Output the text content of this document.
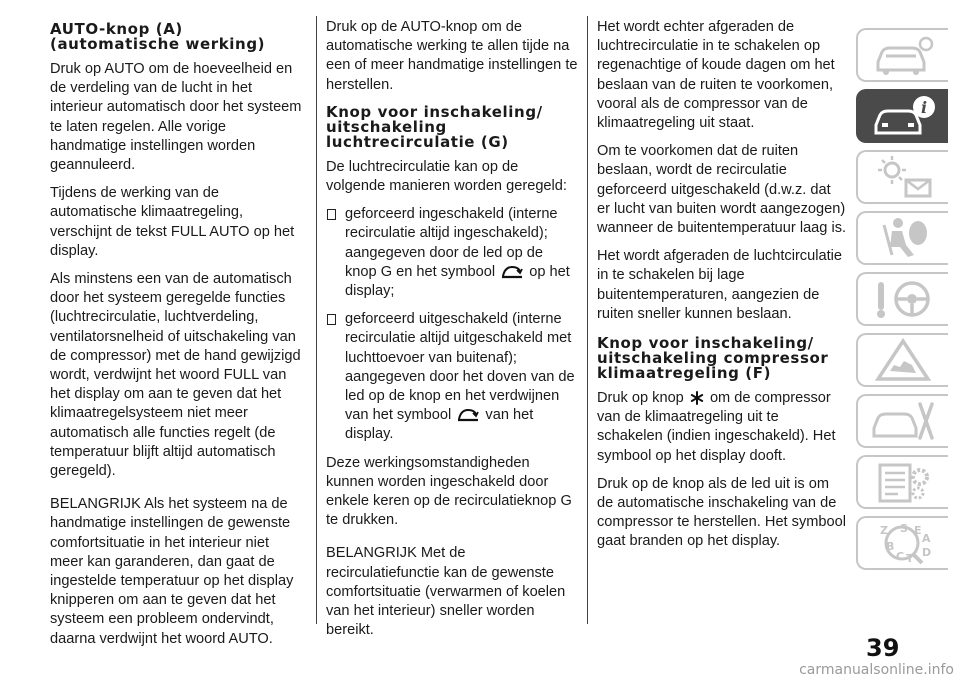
AUTO-knop (A) (automatische werking)

Druk op AUTO om de hoeveelheid en de verdeling van de lucht in het interieur automatisch door het systeem te laten regelen. Alle vorige handmatige instellingen worden geannuleerd.

Tijdens de werking van de automatische klimaatregeling, verschijnt de tekst FULL AUTO op het display.

Als minstens een van de automatisch door het systeem geregelde functies (luchtrecirculatie, luchtverdeling, ventilatorsnelheid of uitschakeling van de compressor) met de hand gewijzigd wordt, verdwijnt het woord FULL van het display om aan te geven dat het klimaatregelsysteem niet meer automatisch alle functies regelt (de temperatuur blijft altijd automatisch geregeld).

BELANGRIJK Als het systeem na de handmatige instellingen de gewenste comfortsituatie in het interieur niet meer kan garanderen, dan gaat de ingestelde temperatuur op het display knipperen om aan te geven dat het systeem een probleem ondervindt, daarna verdwijnt het woord AUTO.

Druk op de AUTO-knop om de automatische werking te allen tijde na een of meer handmatige instellingen te herstellen.

Knop voor inschakeling/ uitschakeling luchtrecirculatie (G)

De luchtrecirculatie kan op de volgende manieren worden geregeld:

geforceerd ingeschakeld (interne recirculatie altijd ingeschakeld); aangegeven door de led op de knop G en het symbool op het display;
geforceerd uitgeschakeld (interne recirculatie altijd uitgeschakeld met luchttoevoer van buitenaf); aangegeven door het doven van de led op de knop en het verdwijnen van het symbool van het display.

Deze werkingsomstandigheden kunnen worden ingeschakeld door enkele keren op de recirculatieknop G te drukken.

BELANGRIJK Met de recirculatiefunctie kan de gewenste comfortsituatie (verwarmen of koelen van het interieur) sneller worden bereikt.

Het wordt echter afgeraden de luchtrecirculatie in te schakelen op regenachtige of koude dagen om het beslaan van de ruiten te voorkomen, vooral als de compressor van de klimaatregeling uit staat.

Om te voorkomen dat de ruiten beslaan, wordt de recirculatie geforceerd uitgeschakeld (d.w.z. dat er lucht van buiten wordt aangezogen) wanneer de buitentemperatuur laag is.

Het wordt afgeraden de luchtcirculatie in te schakelen bij lage buitentemperaturen, aangezien de ruiten sneller kunnen beslaan.

Knop voor inschakeling/ uitschakeling compressor klimaatregeling (F)

Druk op knop om de compressor van de klimaatregeling uit te schakelen (indien ingeschakeld). Het symbool op het display dooft.

Druk op de knop als de led uit is om de automatische inschakeling van de compressor te herstellen. Het symbool gaat branden op het display.

i
Z S E
A
B
C T D
39
carmanualsonline.info
